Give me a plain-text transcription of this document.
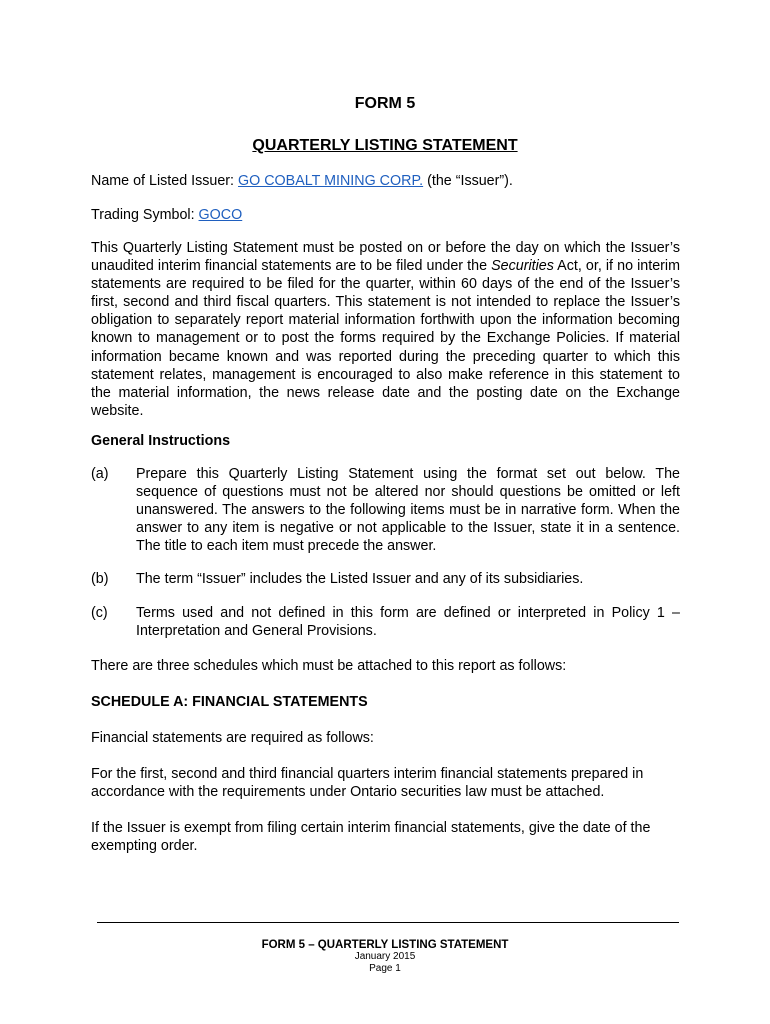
FORM 5
QUARTERLY LISTING STATEMENT

Name of Listed Issuer: GO COBALT MINING CORP. (the “Issuer”).

Trading Symbol: GOCO

This Quarterly Listing Statement must be posted on or before the day on which the Issuer’s unaudited interim financial statements are to be filed under the Securities Act, or, if no interim statements are required to be filed for the quarter, within 60 days of the end of the Issuer’s first, second and third fiscal quarters. This statement is not intended to replace the Issuer’s obligation to separately report material information forthwith upon the information becoming known to management or to post the forms required by the Exchange Policies. If material information became known and was reported during the preceding quarter to which this statement relates, management is encouraged to also make reference in this statement to the material information, the news release date and the posting date on the Exchange website.

General Instructions

(a) Prepare this Quarterly Listing Statement using the format set out below. The sequence of questions must not be altered nor should questions be omitted or left unanswered. The answers to the following items must be in narrative form. When the answer to any item is negative or not applicable to the Issuer, state it in a sentence. The title to each item must precede the answer.

(b) The term “Issuer” includes the Listed Issuer and any of its subsidiaries.

(c) Terms used and not defined in this form are defined or interpreted in Policy 1 – Interpretation and General Provisions.

There are three schedules which must be attached to this report as follows:

SCHEDULE A: FINANCIAL STATEMENTS

Financial statements are required as follows:

For the first, second and third financial quarters interim financial statements prepared in accordance with the requirements under Ontario securities law must be attached.

If the Issuer is exempt from filing certain interim financial statements, give the date of the exempting order.

FORM 5 – QUARTERLY LISTING STATEMENT
January 2015
Page 1
